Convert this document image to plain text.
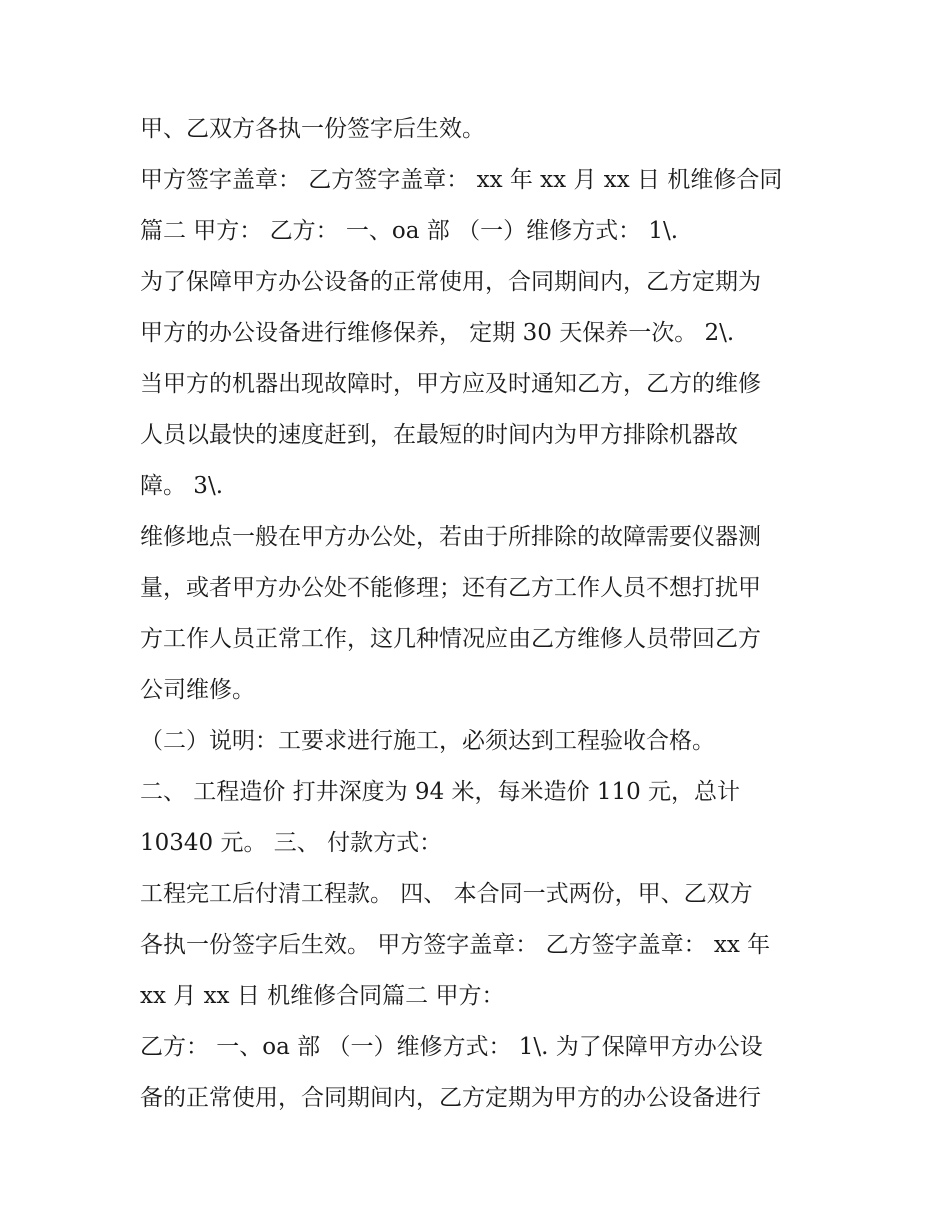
甲、乙双方各执一份签字后生效。
甲方签字盖章： 乙方签字盖章： xx 年 xx 月 xx 日 机维修合同
篇二 甲方： 乙方： 一、oa 部 （一）维修方式： 1\.
为了保障甲方办公设备的正常使用，合同期间内，乙方定期为
甲方的办公设备进行维修保养， 定期 30 天保养一次。 2\.
当甲方的机器出现故障时，甲方应及时通知乙方，乙方的维修
人员以最快的速度赶到，在最短的时间内为甲方排除机器故
障。 3\.
维修地点一般在甲方办公处，若由于所排除的故障需要仪器测
量，或者甲方办公处不能修理；还有乙方工作人员不想打扰甲
方工作人员正常工作，这几种情况应由乙方维修人员带回乙方
公司维修。
（二）说明：工要求进行施工，必须达到工程验收合格。
二、 工程造价 打井深度为 94 米，每米造价 110 元，总计
10340 元。 三、 付款方式：
工程完工后付清工程款。 四、 本合同一式两份，甲、乙双方
各执一份签字后生效。 甲方签字盖章： 乙方签字盖章： xx 年
xx 月 xx 日 机维修合同篇二 甲方：
乙方： 一、oa 部 （一）维修方式： 1\. 为了保障甲方办公设
备的正常使用，合同期间内，乙方定期为甲方的办公设备进行
